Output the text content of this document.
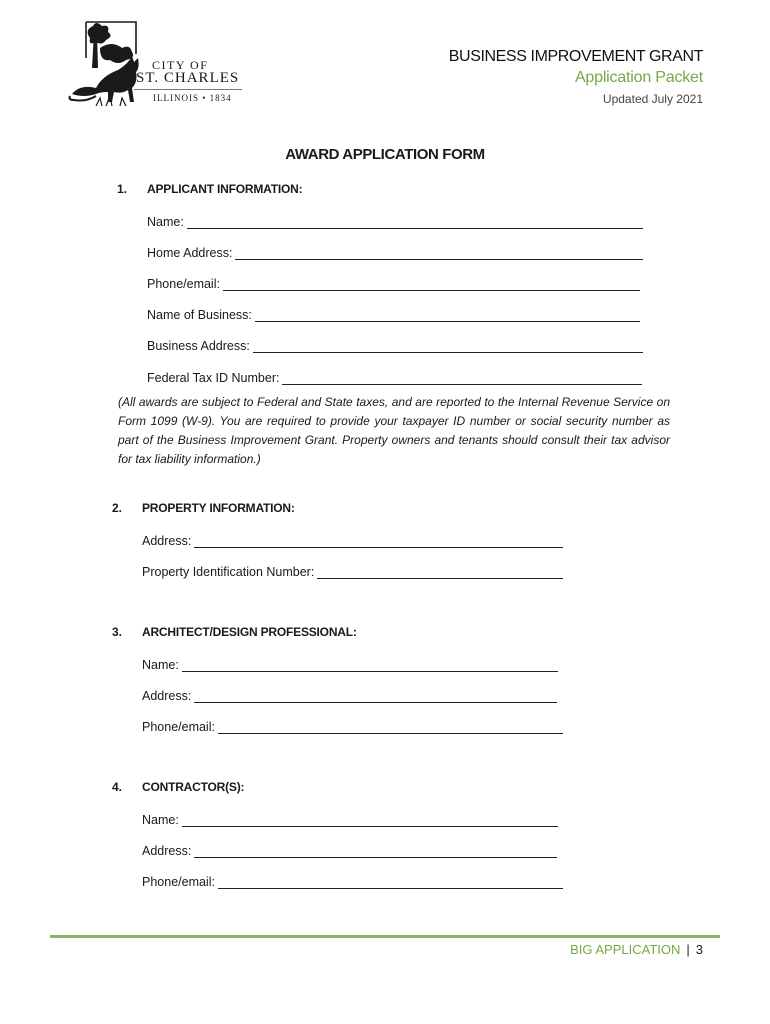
CITY OF
ST. CHARLES
ILLINOIS • 1834
BUSINESS IMPROVEMENT GRANT
Application Packet
Updated July 2021
AWARD APPLICATION FORM
1. APPLICANT INFORMATION:
Name:
Home Address:
Phone/email:
Name of Business:
Business Address:
Federal Tax ID Number:
(All awards are subject to Federal and State taxes, and are reported to the Internal Revenue Service on Form 1099 (W-9). You are required to provide your taxpayer ID number or social security number as part of the Business Improvement Grant. Property owners and tenants should consult their tax advisor for tax liability information.)
2. PROPERTY INFORMATION:
Address:
Property Identification Number:
3. ARCHITECT/DESIGN PROFESSIONAL:
Name:
Address:
Phone/email:
4. CONTRACTOR(S):
Name:
Address:
Phone/email:
BIG APPLICATION | 3
